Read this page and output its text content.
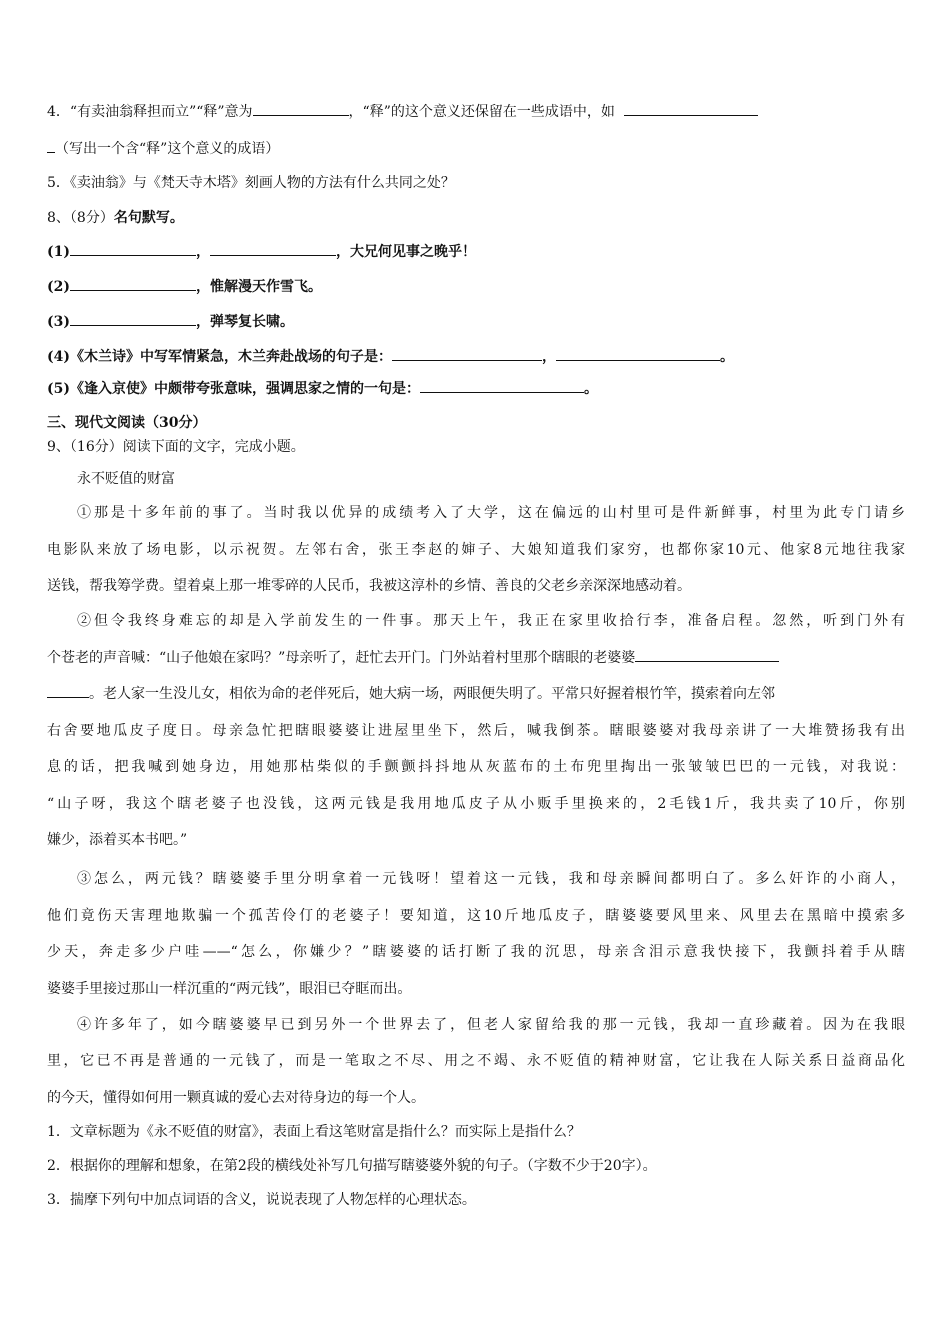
4．“有卖油翁释担而立”“释”意为	，“释”的这个意义还保留在一些成语中，如
（写出一个含“释”这个意义的成语）
5．《卖油翁》与《梵天寺木塔》刻画人物的方法有什么共同之处？
8、（8分）名句默写。
(1)	，	，大兄何见事之晚乎！
(2)	，惟解漫天作雪飞。
(3)	，弹琴复长啸。
(4)《木兰诗》中写军情紧急，木兰奔赴战场的句子是：	，	。
(5)《逢入京使》中颇带夸张意味，强调思家之情的一句是：	。
三、现代文阅读（30分）
9、（16分）阅读下面的文字，完成小题。
永不贬值的财富
①那是十多年前的事了。当时我以优异的成绩考入了大学，这在偏远的山村里可是件新鲜事，村里为此专门请乡
电影队来放了场电影，以示祝贺。左邻右舍，张王李赵的婶子、大娘知道我们家穷，也都你家10元、他家8元地往我家
送钱，帮我筹学费。望着桌上那一堆零碎的人民币，我被这淳朴的乡情、善良的父老乡亲深深地感动着。
②但令我终身难忘的却是入学前发生的一件事。那天上午，我正在家里收拾行李，准备启程。忽然，听到门外有
个苍老的声音喊：“山子他娘在家吗？”母亲听了，赶忙去开门。门外站着村里那个瞎眼的老婆婆
。老人家一生没儿女，相依为命的老伴死后，她大病一场，两眼便失明了。平常只好握着根竹竿，摸索着向左邻
右舍要地瓜皮子度日。母亲急忙把瞎眼婆婆让进屋里坐下，然后，喊我倒茶。瞎眼婆婆对我母亲讲了一大堆赞扬我有出
息的话，把我喊到她身边，用她那枯柴似的手颤颤抖抖地从灰蓝布的土布兜里掏出一张皱皱巴巴的一元钱，对我说：
“山子呀，我这个瞎老婆子也没钱，这两元钱是我用地瓜皮子从小贩手里换来的，2毛钱1斤，我共卖了10斤，你别
嫌少，添着买本书吧。”
③怎么，两元钱？瞎婆婆手里分明拿着一元钱呀！望着这一元钱，我和母亲瞬间都明白了。多么奸诈的小商人，
他们竟伤天害理地欺骗一个孤苦伶仃的老婆子！要知道，这10斤地瓜皮子，瞎婆婆要风里来、风里去在黑暗中摸索多
少天，奔走多少户哇——“怎么，你嫌少？”瞎婆婆的话打断了我的沉思，母亲含泪示意我快接下，我颤抖着手从瞎
婆婆手里接过那山一样沉重的“两元钱”，眼泪已夺眶而出。
④许多年了，如今瞎婆婆早已到另外一个世界去了，但老人家留给我的那一元钱，我却一直珍藏着。因为在我眼
里，它已不再是普通的一元钱了，而是一笔取之不尽、用之不竭、永不贬值的精神财富，它让我在人际关系日益商品化
的今天，懂得如何用一颗真诚的爱心去对待身边的每一个人。
1．文章标题为《永不贬值的财富》，表面上看这笔财富是指什么？而实际上是指什么？
2．根据你的理解和想象，在第2段的横线处补写几句描写瞎婆婆外貌的句子。（字数不少于20字）。
3．揣摩下列句中加点词语的含义，说说表现了人物怎样的心理状态。
